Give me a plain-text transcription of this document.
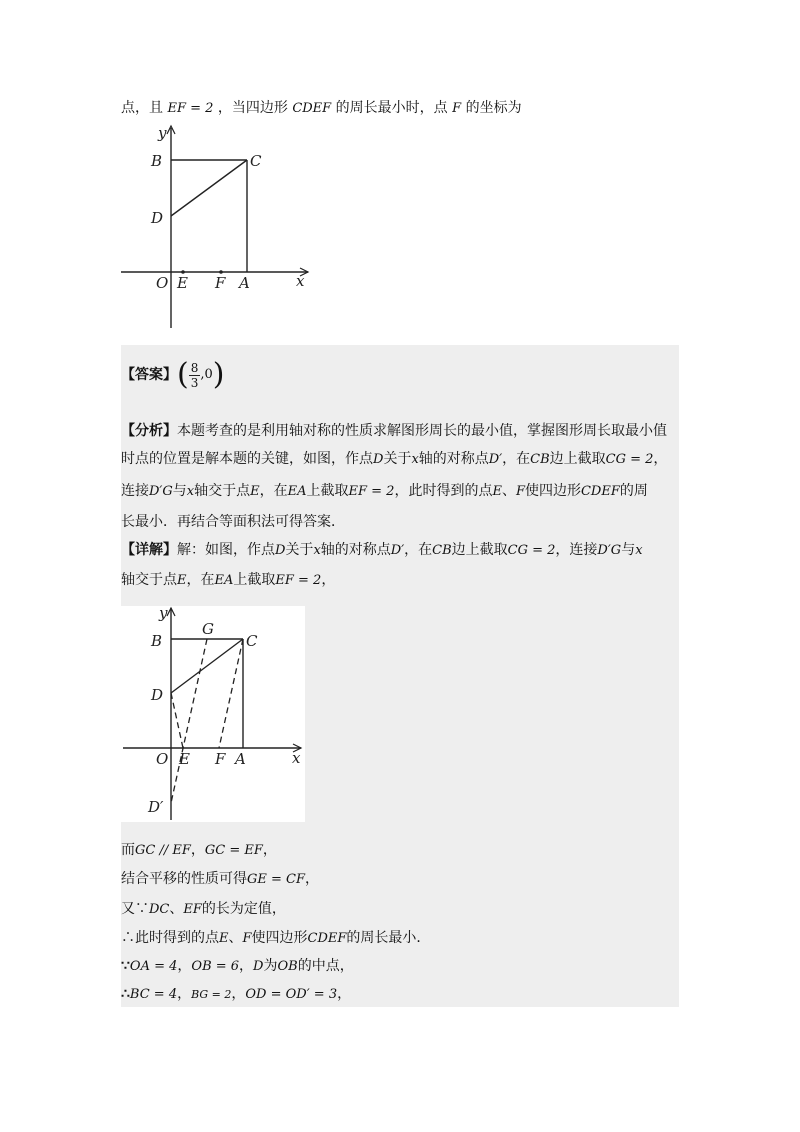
点，且 EF = 2 ，当四边形 CDEF 的周长最小时，点 F 的坐标为
y
B	C
D
O E F A	x
【答案】( $\frac{8}{3} ,0$)
【分析】本题考查的是利用轴对称的性质求解图形周长的最小值，掌握图形周长取最小值
时点的位置是解本题的关键，如图，作点D关于x轴的对称点D′，在CB边上截取CG = 2，
连接D′G与x轴交于点E，在EA上截取EF = 2，此时得到的点E、F使四边形CDEF的周
长最小．再结合等面积法可得答案．
【详解】解：如图，作点D关于x轴的对称点D′，在CB边上截取CG = 2，连接D′G与x
轴交于点E，在EA上截取EF = 2，
y
B
G
C
D
O E F A	x
D′
而GC // EF，GC = EF，
结合平移的性质可得GE = CF，
又∵DC、EF的长为定值，
∴此时得到的点E、F使四边形CDEF的周长最小．
∵OA = 4，OB = 6，D为OB的中点，
∴BC = 4，BG = 2，OD = OD′ = 3，
